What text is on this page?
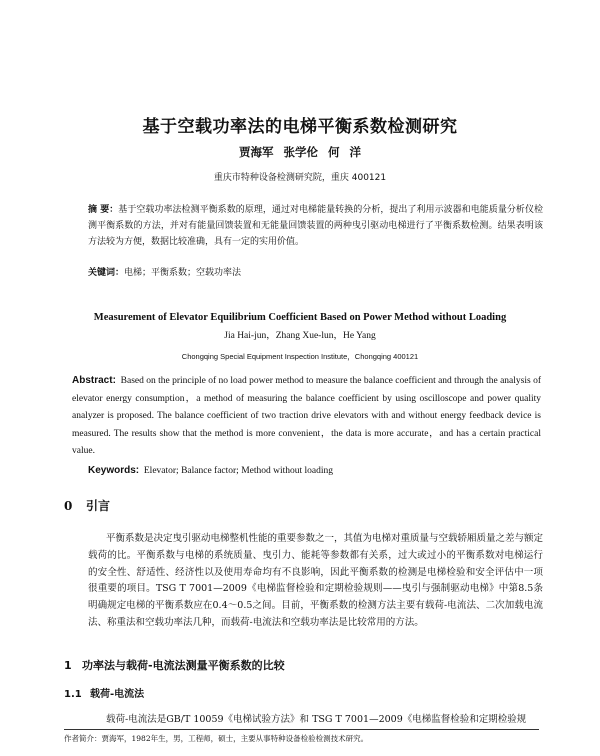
基于空载功率法的电梯平衡系数检测研究
贾海军 张学伦 何 洋
重庆市特种设备检测研究院，重庆 400121
摘 要：基于空载功率法检测平衡系数的原理，通过对电梯能量转换的分析，提出了利用示波器和电能质量分析仪检测平衡系数的方法，并对有能量回馈装置和无能量回馈装置的两种曳引驱动电梯进行了平衡系数检测。结果表明该方法较为方便，数据比较准确，具有一定的实用价值。
关键词：电梯；平衡系数；空载功率法
Measurement of Elevator Equilibrium Coefficient Based on Power Method without Loading
Jia Hai-jun，Zhang Xue-lun，He Yang
Chongqing Special Equipment Inspection Institute，Chongqing 400121
Abstract: Based on the principle of no load power method to measure the balance coefficient and through the analysis of elevator energy consumption，a method of measuring the balance coefficient by using oscilloscope and power quality analyzer is proposed. The balance coefficient of two traction drive elevators with and without energy feedback device is measured. The results show that the method is more convenient，the data is more accurate，and has a certain practical value.
Keywords: Elevator; Balance factor; Method without loading
0 引言
平衡系数是决定曳引驱动电梯整机性能的重要参数之一，其值为电梯对重质量与空载轿厢质量之差与额定载荷的比。平衡系数与电梯的系统质量、曳引力、能耗等参数都有关系，过大或过小的平衡系数对电梯运行的安全性、舒适性、经济性以及使用寿命均有不良影响，因此平衡系数的检测是电梯检验和安全评估中一项很重要的项目。TSG T 7001—2009《电梯监督检验和定期检验规则——曳引与强制驱动电梯》中第8.5条明确规定电梯的平衡系数应在0.4～0.5之间。目前，平衡系数的检测方法主要有载荷-电流法、二次加载电流法、称重法和空载功率法几种，而载荷-电流法和空载功率法是比较常用的方法。
1 功率法与载荷-电流法测量平衡系数的比较
1.1 载荷-电流法
载荷-电流法是GB/T 10059《电梯试验方法》和 TSG T 7001—2009《电梯监督检验和定期检验规
作者简介：贾海军，1982年生，男，工程师，硕士，主要从事特种设备检验检测技术研究。
